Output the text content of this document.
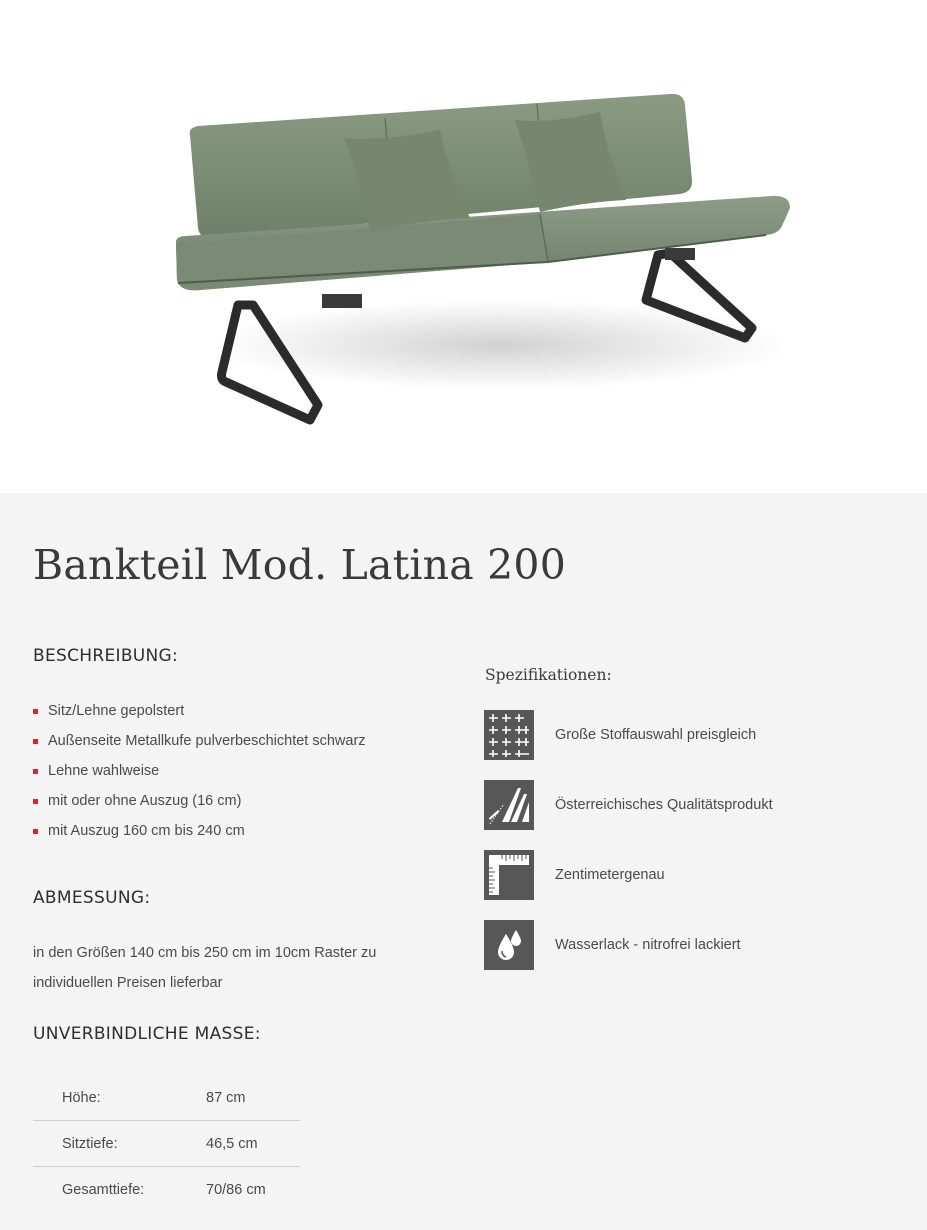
Bankteil Mod. Latina 200
BESCHREIBUNG:
Sitz/Lehne gepolstert
Außenseite Metallkufe pulverbeschichtet schwarz
Lehne wahlweise
mit oder ohne Auszug (16 cm)
mit Auszug 160 cm bis 240 cm
ABMESSUNG:

in den Größen 140 cm bis 250 cm im 10cm Raster zu individuellen Preisen lieferbar

UNVERBINDLICHE MASSE:
Höhe:	87 cm
Sitztiefe:	46,5 cm
Gesamttiefe:	70/86 cm
Spezifikationen:
Große Stoffauswahl preisgleich
Österreichisches Qualitätsprodukt
Zentimetergenau
Wasserlack - nitrofrei lackiert
